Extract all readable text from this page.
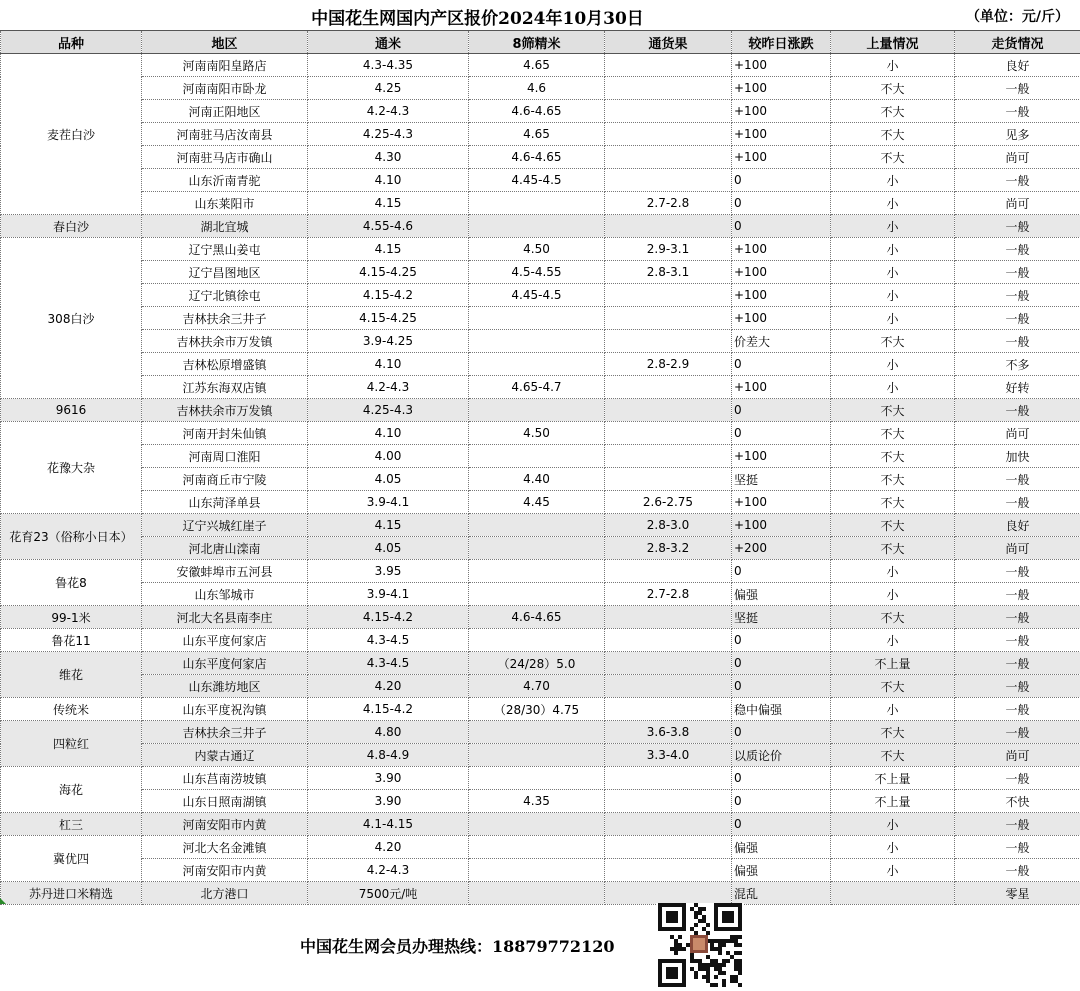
中国花生网国内产区报价2024年10月30日	（单位：元/斤）
品种	地区	通米	8筛精米	通货果	较昨日涨跌	上量情况	走货情况
麦茬白沙	河南南阳皇路店	4.3-4.35	4.65		+100	小	良好
	河南南阳市卧龙	4.25	4.6		+100	不大	一般
	河南正阳地区	4.2-4.3	4.6-4.65		+100	不大	一般
	河南驻马店汝南县	4.25-4.3	4.65		+100	不大	见多
	河南驻马店市确山	4.30	4.6-4.65		+100	不大	尚可
	山东沂南青驼	4.10	4.45-4.5		0	小	一般
	山东莱阳市	4.15		2.7-2.8	0	小	尚可
春白沙	湖北宜城	4.55-4.6			0	小	一般
308白沙	辽宁黑山姜屯	4.15	4.50	2.9-3.1	+100	小	一般
	辽宁昌图地区	4.15-4.25	4.5-4.55	2.8-3.1	+100	小	一般
	辽宁北镇徐屯	4.15-4.2	4.45-4.5		+100	小	一般
	吉林扶余三井子	4.15-4.25			+100	小	一般
	吉林扶余市万发镇	3.9-4.25			价差大	不大	一般
	吉林松原增盛镇	4.10		2.8-2.9	0	小	不多
	江苏东海双店镇	4.2-4.3	4.65-4.7		+100	小	好转
9616	吉林扶余市万发镇	4.25-4.3			0	不大	一般
花豫大杂	河南开封朱仙镇	4.10	4.50		0	不大	尚可
	河南周口淮阳	4.00			+100	不大	加快
	河南商丘市宁陵	4.05	4.40		坚挺	不大	一般
	山东菏泽单县	3.9-4.1	4.45	2.6-2.75	+100	不大	一般
花育23（俗称小日本）	辽宁兴城红崖子	4.15		2.8-3.0	+100	不大	良好
	河北唐山滦南	4.05		2.8-3.2	+200	不大	尚可
鲁花8	安徽蚌埠市五河县	3.95			0	小	一般
	山东邹城市	3.9-4.1		2.7-2.8	偏强	小	一般
99-1米	河北大名县南李庄	4.15-4.2	4.6-4.65		坚挺	不大	一般
鲁花11	山东平度何家店	4.3-4.5			0	小	一般
维花	山东平度何家店	4.3-4.5	（24/28）5.0		0	不上量	一般
	山东潍坊地区	4.20	4.70		0	不大	一般
传统米	山东平度祝沟镇	4.15-4.2	（28/30）4.75		稳中偏强	小	一般
四粒红	吉林扶余三井子	4.80		3.6-3.8	0	不大	一般
	内蒙古通辽	4.8-4.9		3.3-4.0	以质论价	不大	尚可
海花	山东莒南涝坡镇	3.90			0	不上量	一般
	山东日照南湖镇	3.90	4.35		0	不上量	不快
杠三	河南安阳市内黄	4.1-4.15			0	小	一般
冀优四	河北大名金滩镇	4.20			偏强	小	一般
	河南安阳市内黄	4.2-4.3			偏强	小	一般
苏丹进口米精选	北方港口	7500元/吨			混乱		零星
中国花生网会员办理热线：18879772120
